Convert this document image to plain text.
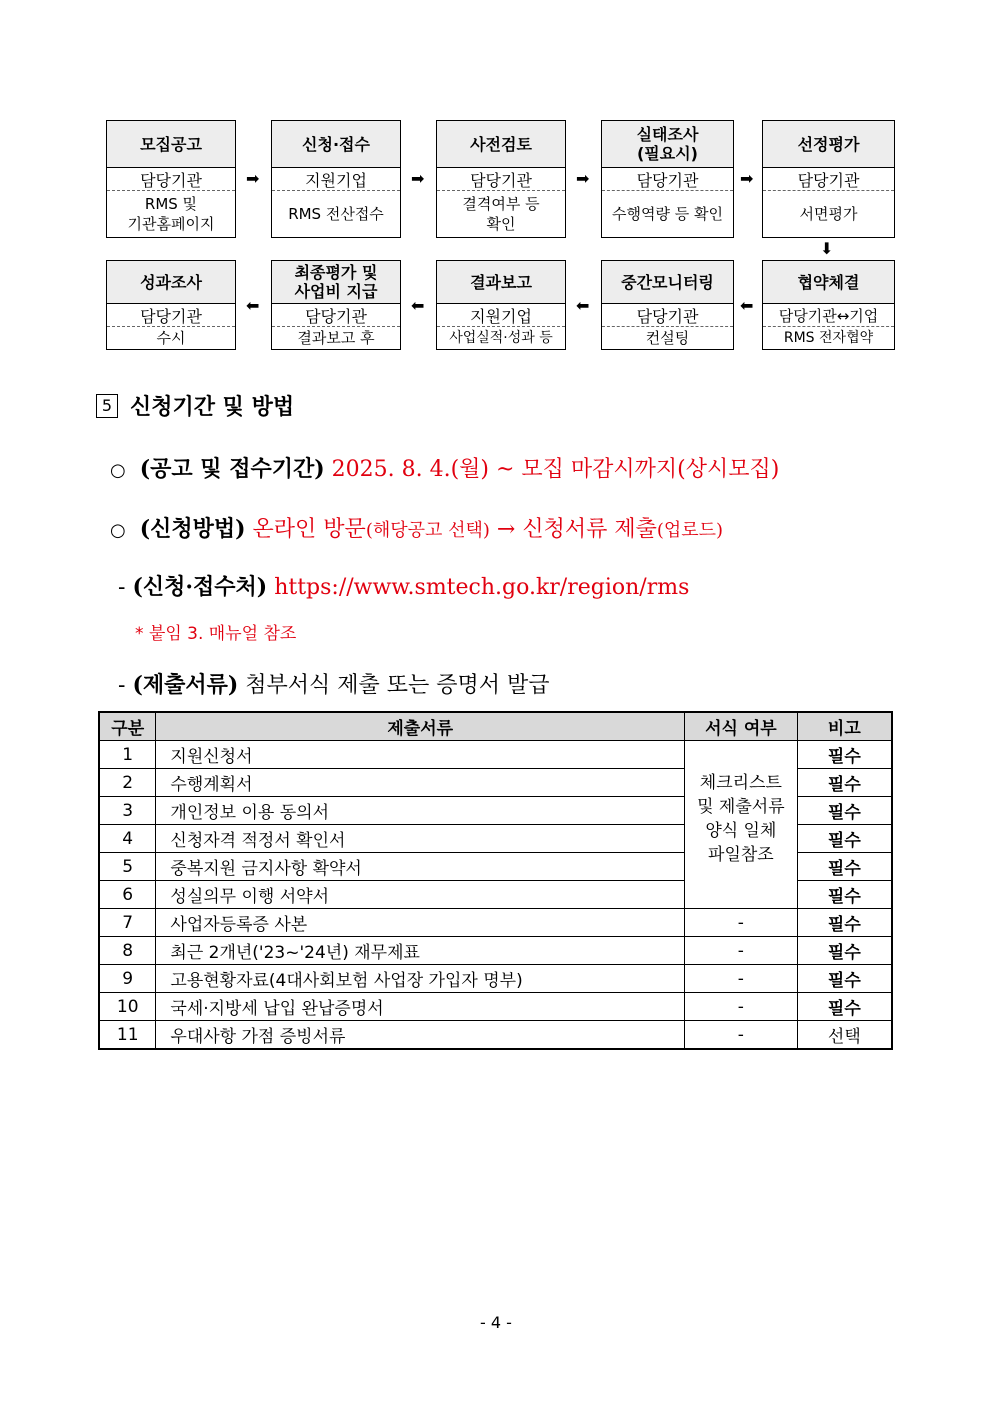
모집공고
담당기관
RMS 및
기관홈페이지
➡
신청·접수
지원기업
RMS 전산접수
➡
사전검토
담당기관
결격여부 등
확인
➡
실태조사
(필요시)
담당기관
수행역량 등 확인
➡
선정평가
담당기관
서면평가
⬇
성과조사
담당기관
수시
⬅
최종평가 및
사업비 지급
담당기관
결과보고 후
⬅
결과보고
지원기업
사업실적·성과 등
⬅
중간모니터링
담당기관
컨설팅
⬅
협약체결
담당기관↔기업
RMS 전자협약
5 신청기간 및 방법
○ (공고 및 접수기간) 2025. 8. 4.(월) ~ 모집 마감시까지(상시모집)
○ (신청방법) 온라인 방문(해당공고 선택) → 신청서류 제출(업로드)
- (신청·접수처) https://www.smtech.go.kr/region/rms
* 붙임 3. 매뉴얼 참조
- (제출서류) 첨부서식 제출 또는 증명서 발급
구분	제출서류	서식 여부	비고
1	지원신청서	체크리스트
및 제출서류
양식 일체
파일참조	필수
2	수행계획서		필수
3	개인정보 이용 동의서		필수
4	신청자격 적정서 확인서		필수
5	중복지원 금지사항 확약서		필수
6	성실의무 이행 서약서		필수
7	사업자등록증 사본	-	필수
8	최근 2개년('23~'24년) 재무제표	-	필수
9	고용현황자료(4대사회보험 사업장 가입자 명부)	-	필수
10	국세·지방세 납입 완납증명서	-	필수
11	우대사항 가점 증빙서류	-	선택
- 4 -
